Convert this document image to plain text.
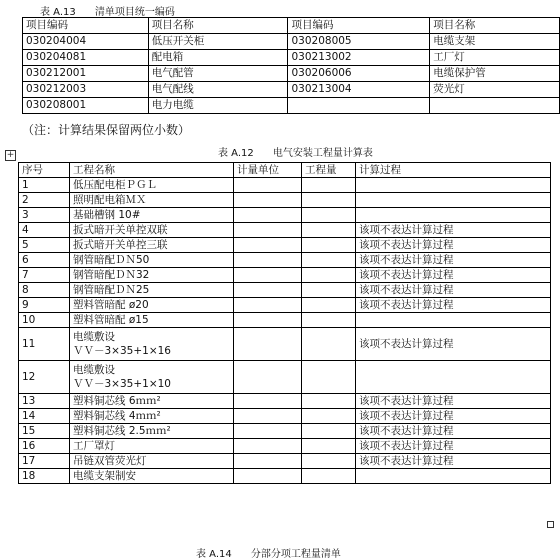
表 A.13      清单项目统一编码
项目编码	项目名称	项目编码	项目名称
030204004	低压开关柜	030208005	电缆支架
030204081	配电箱	030213002	工厂灯
030212001	电气配管	030206006	电缆保护管
030212003	电气配线	030213004	荧光灯
030208001	电力电缆		
（注：计算结果保留两位小数）
+	表 A.12      电气安装工程量计算表
序号	工程名称	计量单位	工程量	计算过程
1	低压配电柜ＰＧＬ			
2	照明配电箱ＭＸ			
3	基础槽钢 10#			
4	扳式暗开关单控双联			该项不表达计算过程
5	扳式暗开关单控三联			该项不表达计算过程
6	钢管暗配ＤＮ50			该项不表达计算过程
7	钢管暗配ＤＮ32			该项不表达计算过程
8	钢管暗配ＤＮ25			该项不表达计算过程
9	塑料管暗配 ø20			该项不表达计算过程
10	塑料管暗配 ø15			
11	电缆敷设
ＶＶ－3×35+1×16			该项不表达计算过程
12	电缆敷设
ＶＶ－3×35+1×10			
13	塑料铜芯线 6ｍｍ²			该项不表达计算过程
14	塑料铜芯线 4ｍｍ²			该项不表达计算过程
15	塑料铜芯线 2.5ｍｍ²			该项不表达计算过程
16	工厂罩灯			该项不表达计算过程
17	吊链双管荧光灯			该项不表达计算过程
18	电缆支架制安			
表 A.14      分部分项工程量清单
